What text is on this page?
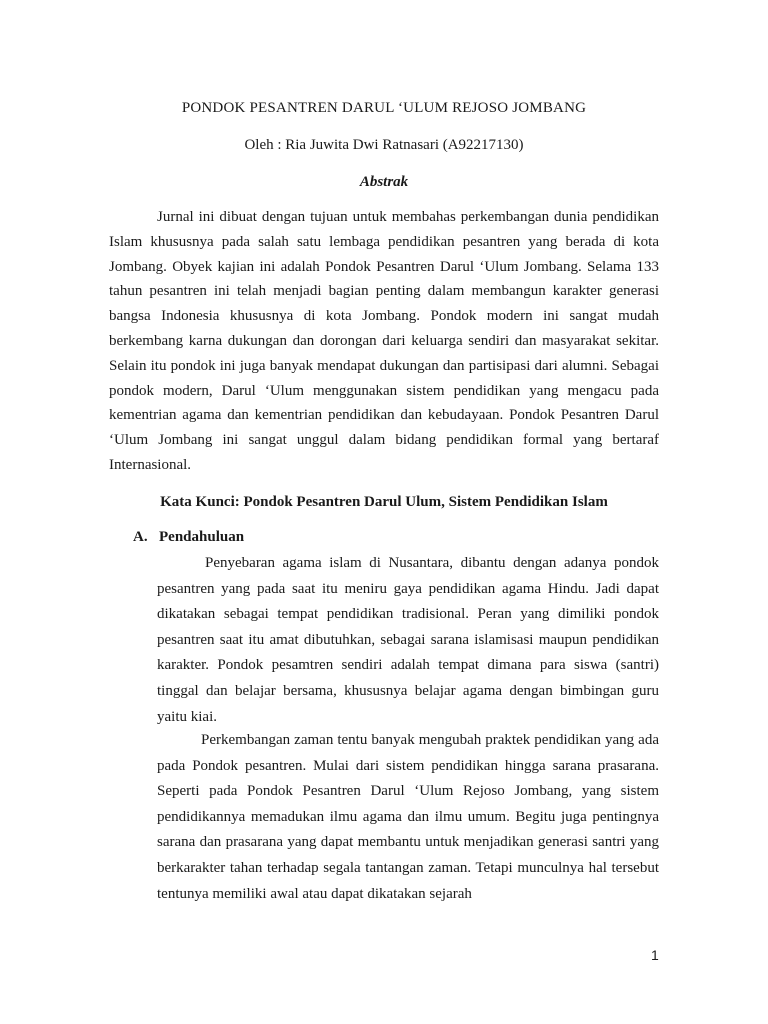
PONDOK PESANTREN DARUL ‘ULUM REJOSO JOMBANG
Oleh : Ria Juwita Dwi Ratnasari (A92217130)
Abstrak

Jurnal ini dibuat dengan tujuan untuk membahas perkembangan dunia pendidikan Islam khususnya pada salah satu lembaga pendidikan pesantren yang berada di kota Jombang. Obyek kajian ini adalah Pondok Pesantren Darul ‘Ulum Jombang. Selama 133 tahun pesantren ini telah menjadi bagian penting dalam membangun karakter generasi bangsa Indonesia khususnya di kota Jombang. Pondok modern ini sangat mudah berkembang karna dukungan dan dorongan dari keluarga sendiri dan masyarakat sekitar. Selain itu pondok ini juga banyak mendapat dukungan dan partisipasi dari alumni. Sebagai pondok modern, Darul ‘Ulum menggunakan sistem pendidikan yang mengacu pada kementrian agama dan kementrian pendidikan dan kebudayaan. Pondok Pesantren Darul ‘Ulum Jombang ini sangat unggul dalam bidang pendidikan formal yang bertaraf Internasional.

Kata Kunci: Pondok Pesantren Darul Ulum, Sistem Pendidikan Islam
A. Pendahuluan

Penyebaran agama islam di Nusantara, dibantu dengan adanya pondok pesantren yang pada saat itu meniru gaya pendidikan agama Hindu. Jadi dapat dikatakan sebagai tempat pendidikan tradisional. Peran yang dimiliki pondok pesantren saat itu amat dibutuhkan, sebagai sarana islamisasi maupun pendidikan karakter. Pondok pesamtren sendiri adalah tempat dimana para siswa (santri) tinggal dan belajar bersama, khususnya belajar agama dengan bimbingan guru yaitu kiai.

Perkembangan zaman tentu banyak mengubah praktek pendidikan yang ada pada Pondok pesantren. Mulai dari sistem pendidikan hingga sarana prasarana. Seperti pada Pondok Pesantren Darul ‘Ulum Rejoso Jombang, yang sistem pendidikannya memadukan ilmu agama dan ilmu umum. Begitu juga pentingnya sarana dan prasarana yang dapat membantu untuk menjadikan generasi santri yang berkarakter tahan terhadap segala tantangan zaman. Tetapi munculnya hal tersebut tentunya memiliki awal atau dapat dikatakan sejarah

1
